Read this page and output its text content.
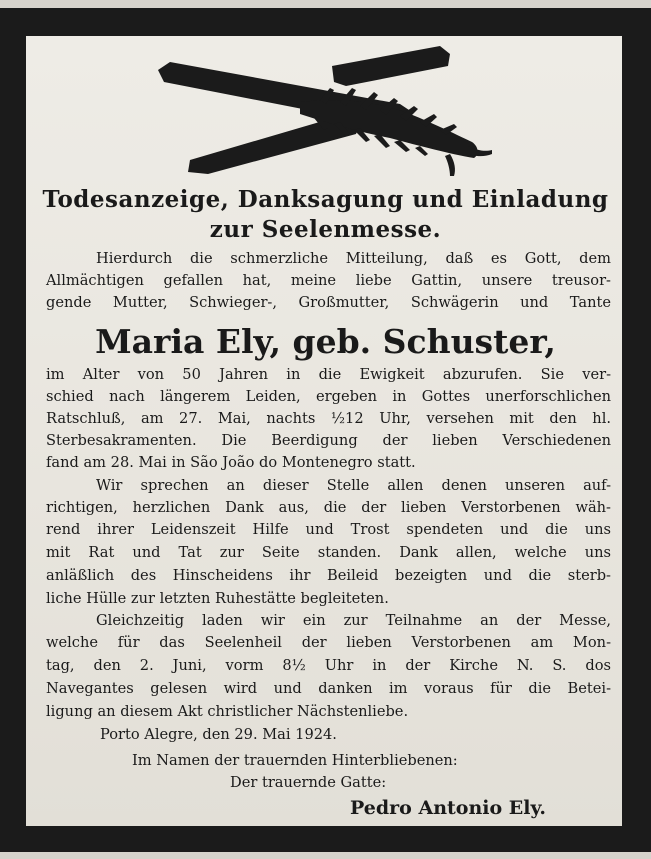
Todesanzeige, Danksagung und Einladung
zur Seelenmesse.
Hierdurch die schmerzliche Mitteilung, daß es Gott, dem
Allmächtigen gefallen hat, meine liebe Gattin, unsere treusor-
gende Mutter, Schwieger-, Großmutter, Schwägerin und Tante
Maria Ely, geb. Schuster,
im Alter von 50 Jahren in die Ewigkeit abzurufen. Sie ver-
schied nach längerem Leiden, ergeben in Gottes unerforschlichen
Ratschluß, am 27. Mai, nachts ½12 Uhr, versehen mit den hl.
Sterbesakramenten. Die Beerdigung der lieben Verschiedenen
fand am 28. Mai in São João do Montenegro statt.
Wir sprechen an dieser Stelle allen denen unseren auf-
richtigen, herzlichen Dank aus, die der lieben Verstorbenen wäh-
rend ihrer Leidenszeit Hilfe und Trost spendeten und die uns
mit Rat und Tat zur Seite standen. Dank allen, welche uns
anläßlich des Hinscheidens ihr Beileid bezeigten und die sterb-
liche Hülle zur letzten Ruhestätte begleiteten.
Gleichzeitig laden wir ein zur Teilnahme an der Messe,
welche für das Seelenheil der lieben Verstorbenen am Mon-
tag, den 2. Juni, vorm 8½ Uhr in der Kirche N. S. dos
Navegantes gelesen wird und danken im voraus für die Betei-
ligung an diesem Akt christlicher Nächstenliebe.
Porto Alegre, den 29. Mai 1924.
Im Namen der trauernden Hinterbliebenen:
Der trauernde Gatte:
Pedro Antonio Ely.
